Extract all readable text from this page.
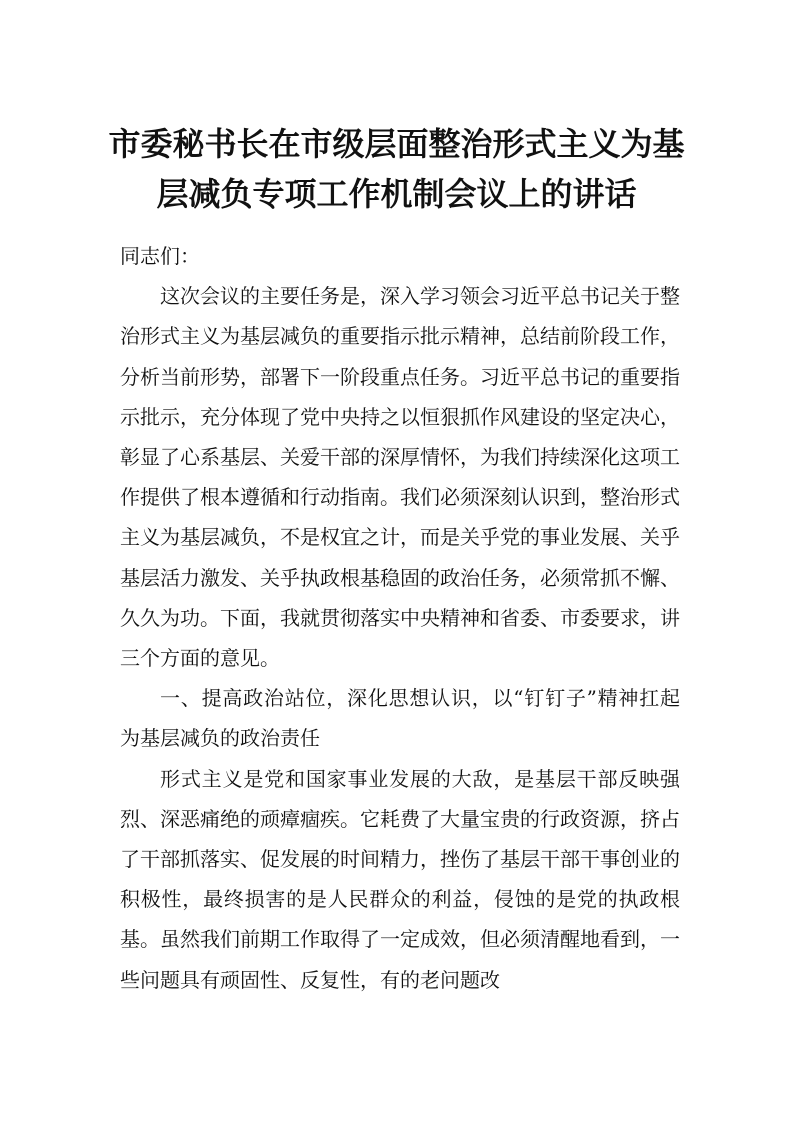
市委秘书长在市级层面整治形式主义为基
层减负专项工作机制会议上的讲话

同志们：

这次会议的主要任务是，深入学习领会习近平总书记关于整治形式主义为基层减负的重要指示批示精神，总结前阶段工作，分析当前形势，部署下一阶段重点任务。习近平总书记的重要指示批示，充分体现了党中央持之以恒狠抓作风建设的坚定决心，彰显了心系基层、关爱干部的深厚情怀，为我们持续深化这项工作提供了根本遵循和行动指南。我们必须深刻认识到，整治形式主义为基层减负，不是权宜之计，而是关乎党的事业发展、关乎基层活力激发、关乎执政根基稳固的政治任务，必须常抓不懈、久久为功。下面，我就贯彻落实中央精神和省委、市委要求，讲三个方面的意见。

一、提高政治站位，深化思想认识，以“钉钉子”精神扛起为基层减负的政治责任

形式主义是党和国家事业发展的大敌，是基层干部反映强烈、深恶痛绝的顽瘴痼疾。它耗费了大量宝贵的行政资源，挤占了干部抓落实、促发展的时间精力，挫伤了基层干部干事创业的积极性，最终损害的是人民群众的利益，侵蚀的是党的执政根基。虽然我们前期工作取得了一定成效，但必须清醒地看到，一些问题具有顽固性、反复性，有的老问题改
